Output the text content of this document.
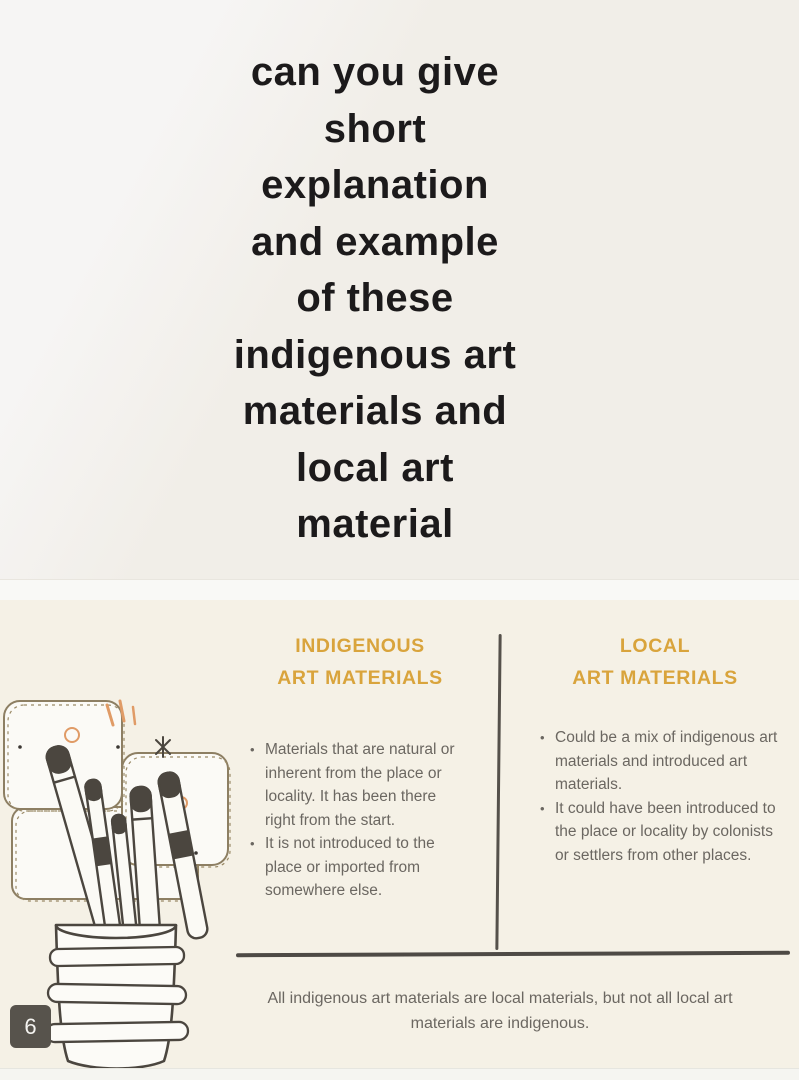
can you give
short
explanation
and example
of these
indigenous art
materials and
local art
material
INDIGENOUS
ART MATERIALS
LOCAL
ART MATERIALS
• Materials that are natural or inherent from the place or locality. It has been there right from the start.
• It is not introduced to the place or imported from somewhere else.
• Could be a mix of indigenous art materials and introduced art materials.
• It could have been introduced to the place or locality by colonists or settlers from other places.
All indigenous art materials are local materials, but not all local art materials are indigenous.
6
